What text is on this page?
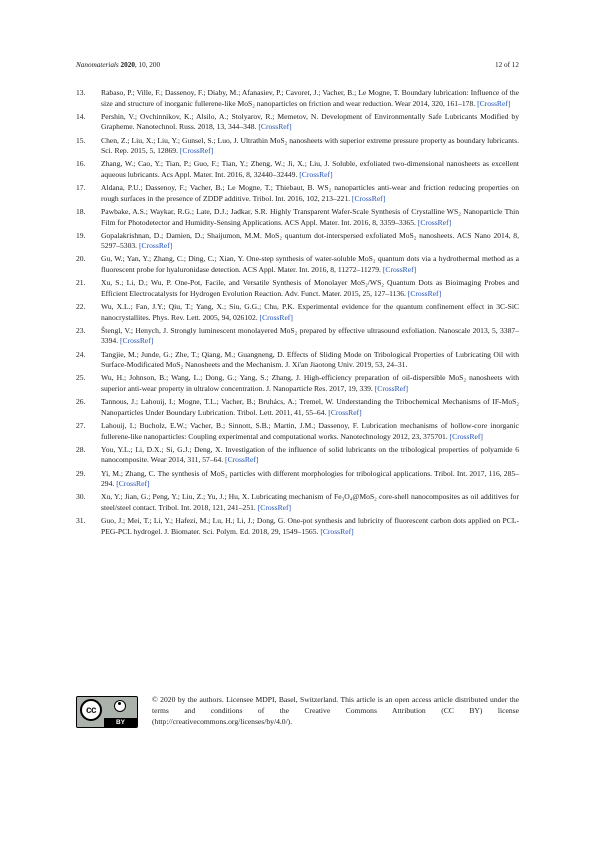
Nanomaterials 2020, 10, 200	12 of 12
13. Rabaso, P.; Ville, F.; Dassenoy, F.; Diaby, M.; Afanasiev, P.; Cavoret, J.; Vacher, B.; Le Mogne, T. Boundary lubrication: Influence of the size and structure of inorganic fullerene-like MoS₂ nanoparticles on friction and wear reduction. Wear 2014, 320, 161–178. [CrossRef]
14. Pershin, V.; Ovchinnikov, K.; Alsilo, A.; Stolyarov, R.; Memetov, N. Development of Environmentally Safe Lubricants Modified by Grapheme. Nanotechnol. Russ. 2018, 13, 344–348. [CrossRef]
15. Chen, Z.; Liu, X.; Liu, Y.; Gunsel, S.; Luo, J. Ultrathin MoS₂ nanosheets with superior extreme pressure property as boundary lubricants. Sci. Rep. 2015, 5, 12869. [CrossRef]
16. Zhang, W.; Cao, Y.; Tian, P.; Guo, F.; Tian, Y.; Zheng, W.; Ji, X.; Liu, J. Soluble, exfoliated two-dimensional nanosheets as excellent aqueous lubricants. Acs Appl. Mater. Int. 2016, 8, 32440–32449. [CrossRef]
17. Aldana, P.U.; Dassenoy, F.; Vacher, B.; Le Mogne, T.; Thiebaut, B. WS₂ nanoparticles anti-wear and friction reducing properties on rough surfaces in the presence of ZDDP additive. Tribol. Int. 2016, 102, 213–221. [CrossRef]
18. Pawbake, A.S.; Waykar, R.G.; Late, D.J.; Jadkar, S.R. Highly Transparent Wafer-Scale Synthesis of Crystalline WS₂ Nanoparticle Thin Film for Photodetector and Humidity-Sensing Applications. ACS Appl. Mater. Int. 2016, 8, 3359–3365. [CrossRef]
19. Gopalakrishnan, D.; Damien, D.; Shaijumon, M.M. MoS₂ quantum dot-interspersed exfoliated MoS₂ nanosheets. ACS Nano 2014, 8, 5297–5303. [CrossRef]
20. Gu, W.; Yan, Y.; Zhang, C.; Ding, C.; Xian, Y. One-step synthesis of water-soluble MoS₂ quantum dots via a hydrothermal method as a fluorescent probe for hyaluronidase detection. ACS Appl. Mater. Int. 2016, 8, 11272–11279. [CrossRef]
21. Xu, S.; Li, D.; Wu, P. One-Pot, Facile, and Versatile Synthesis of Monolayer MoS₂/WS₂ Quantum Dots as Bioimaging Probes and Efficient Electrocatalysts for Hydrogen Evolution Reaction. Adv. Funct. Mater. 2015, 25, 127–1136. [CrossRef]
22. Wu, X.L.; Fan, J.Y.; Qiu, T.; Yang, X.; Siu, G.G.; Chu, P.K. Experimental evidence for the quantum confinement effect in 3C-SiC nanocrystallites. Phys. Rev. Lett. 2005, 94, 026102. [CrossRef]
23. Štengl, V.; Henych, J. Strongly luminescent monolayered MoS₂ prepared by effective ultrasound exfoliation. Nanoscale 2013, 5, 3387–3394. [CrossRef]
24. Tangjie, M.; Junde, G.; Zhe, T.; Qiang, M.; Guangneng, D. Effects of Sliding Mode on Tribological Properties of Lubricating Oil with Surface-Modificated MoS₂ Nanosheets and the Mechanism. J. Xi'an Jiaotong Univ. 2019, 53, 24–31.
25. Wu, H.; Johnson, B.; Wang, L.; Dong, G.; Yang, S.; Zhang, J. High-efficiency preparation of oil-dispersible MoS₂ nanosheets with superior anti-wear property in ultralow concentration. J. Nanoparticle Res. 2017, 19, 339. [CrossRef]
26. Tannous, J.; Lahouij, I.; Mogne, T.L.; Vacher, B.; Bruhács, A.; Tremel, W. Understanding the Tribochemical Mechanisms of IF-MoS₂ Nanoparticles Under Boundary Lubrication. Tribol. Lett. 2011, 41, 55–64. [CrossRef]
27. Lahouij, I.; Bucholz, E.W.; Vacher, B.; Sinnott, S.B.; Martin, J.M.; Dassenoy, F. Lubrication mechanisms of hollow-core inorganic fullerene-like nanoparticles: Coupling experimental and computational works. Nanotechnology 2012, 23, 375701. [CrossRef]
28. You, Y.L.; Li, D.X.; Si, G.J.; Deng, X. Investigation of the influence of solid lubricants on the tribological properties of polyamide 6 nanocomposite. Wear 2014, 311, 57–64. [CrossRef]
29. Yi, M.; Zhang, C. The synthesis of MoS₂ particles with different morphologies for tribological applications. Tribol. Int. 2017, 116, 285–294. [CrossRef]
30. Xu, Y.; Jian, G.; Peng, Y.; Liu, Z.; Yu, J.; Hu, X. Lubricating mechanism of Fe₃O₄@MoS₂ core-shell nanocomposites as oil additives for steel/steel contact. Tribol. Int. 2018, 121, 241–251. [CrossRef]
31. Guo, J.; Mei, T.; Li, Y.; Hafezi, M.; Lu, H.; Li, J.; Dong, G. One-pot synthesis and lubricity of fluorescent carbon dots applied on PCL-PEG-PCL hydrogel. J. Biomater. Sci. Polym. Ed. 2018, 29, 1549–1565. [CrossRef]
cc
BY
© 2020 by the authors. Licensee MDPI, Basel, Switzerland. This article is an open access article distributed under the terms and conditions of the Creative Commons Attribution (CC BY) license (http://creativecommons.org/licenses/by/4.0/).
